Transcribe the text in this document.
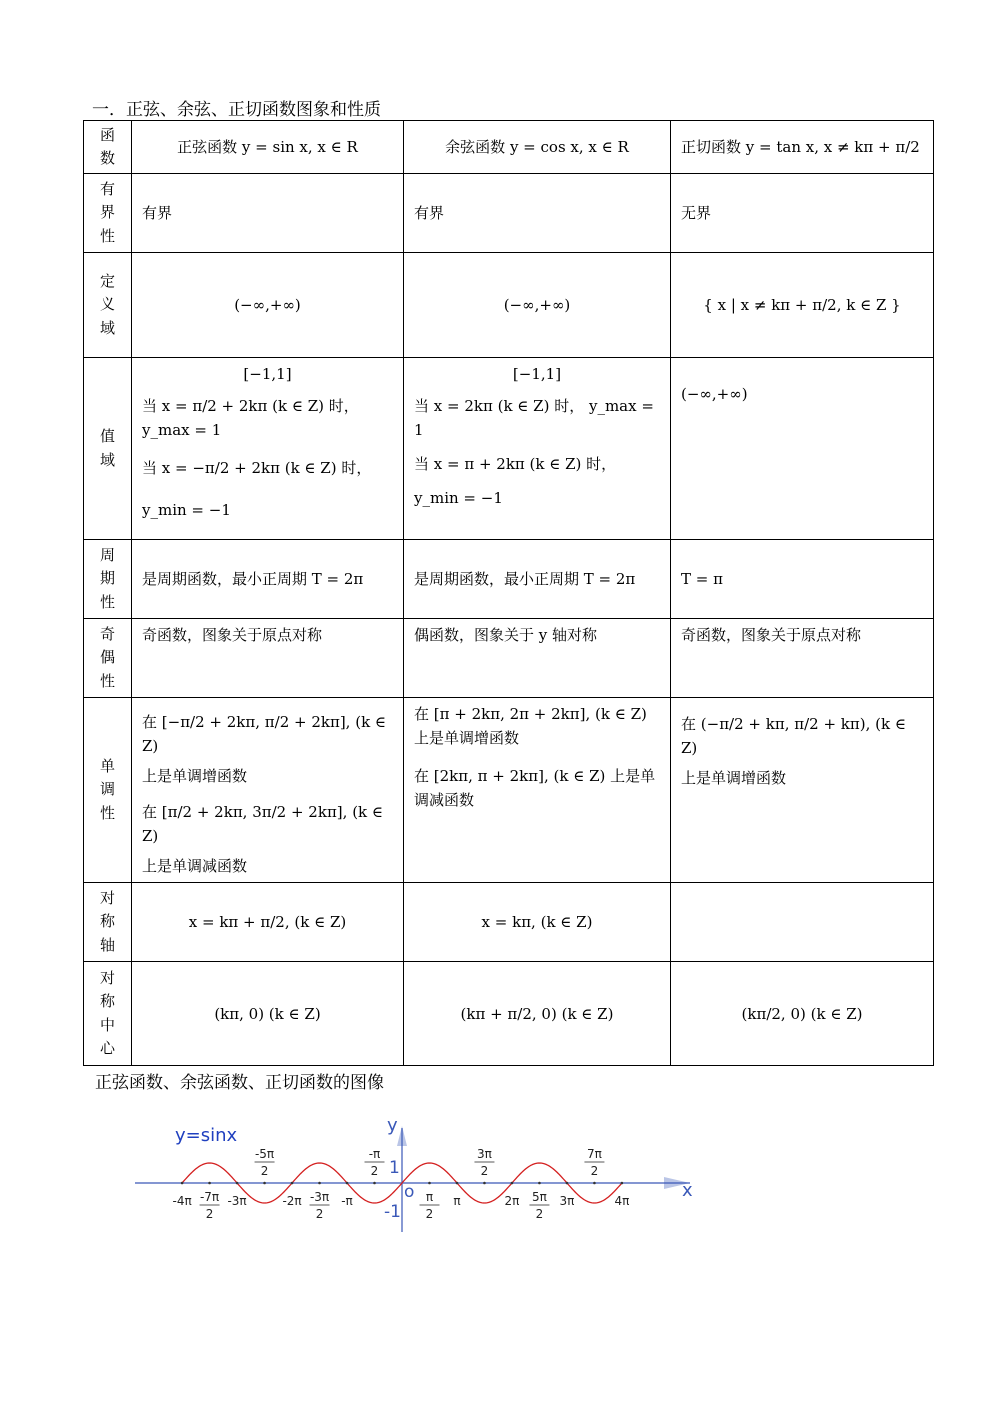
一．正弦、余弦、正切函数图象和性质
函
数	正弦函数 y = sin x, x ∈ R	余弦函数 y = cos x, x ∈ R	正切函数 y = tan x, x ≠ kπ + π/2

有
界
性	有界	有界	无界

定
义
域	(−∞,+∞)	(−∞,+∞)	{ x | x ≠ kπ + π/2, k ∈ Z }

值
域	[−1,1]
当 x = π/2 + 2kπ (k ∈ Z) 时， y_max = 1
当 x = −π/2 + 2kπ (k ∈ Z) 时，
y_min = −1	[−1,1]
当 x = 2kπ (k ∈ Z) 时， y_max = 1
当 x = π + 2kπ (k ∈ Z) 时，
y_min = −1	(−∞,+∞)

周
期
性	是周期函数，最小正周期 T = 2π	是周期函数，最小正周期 T = 2π	T = π

奇
偶
性	奇函数，图象关于原点对称	偶函数，图象关于 y 轴对称	奇函数，图象关于原点对称

单
调
性	在 [−π/2 + 2kπ, π/2 + 2kπ], (k ∈ Z)
上是单调增函数
在 [π/2 + 2kπ, 3π/2 + 2kπ], (k ∈ Z)
上是单调减函数	在 [π + 2kπ, 2π + 2kπ], (k ∈ Z) 上是单调增函数
在 [2kπ, π + 2kπ], (k ∈ Z) 上是单调减函数	在 (−π/2 + kπ, π/2 + kπ), (k ∈ Z)
上是单调增函数

对
称
轴	x = kπ + π/2, (k ∈ Z)	x = kπ, (k ∈ Z)	

对
称
中
心	(kπ, 0) (k ∈ Z)	(kπ + π/2, 0) (k ∈ Z)	(kπ/2, 0) (k ∈ Z)
正弦函数、余弦函数、正切函数的图像
y=sinx	y
x
o
1
-1
-4π -7π 2
-3π
-5π 2
-2π -3π 2
-π
-π 2
π 2
π
3π 2
2π 5π 2
3π
7π 2
4π
